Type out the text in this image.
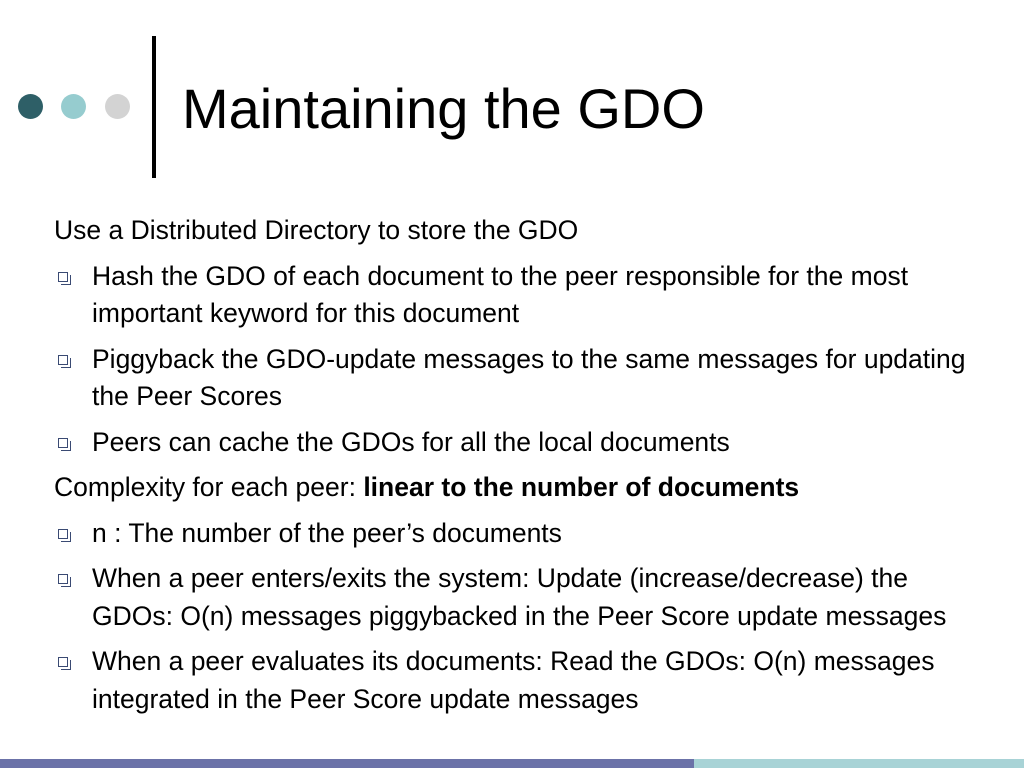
Maintaining the GDO
Use a Distributed Directory to store the GDO
Hash the GDO of each document to the peer responsible for the most important keyword for this document
Piggyback the GDO-update messages to the same messages for updating the Peer Scores
Peers can cache the GDOs for all the local documents
Complexity for each peer: linear to the number of documents
n : The number of the peer’s documents
When a peer enters/exits the system: Update (increase/decrease) the GDOs: O(n) messages piggybacked in the Peer Score update messages
When a peer evaluates its documents: Read the GDOs: O(n) messages integrated in the Peer Score update messages
